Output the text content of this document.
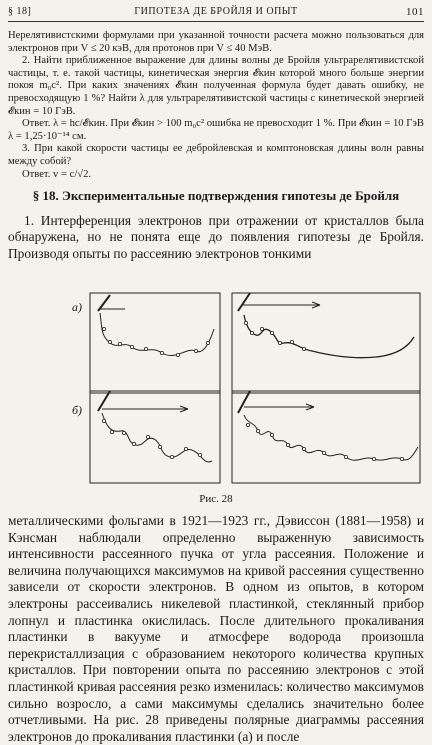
§ 18]	ГИПОТЕЗА ДЕ БРОЙЛЯ И ОПЫТ	101

Нерелятивистскими формулами при указанной точности расчета можно пользоваться для электронов при V ≤ 20 кэВ, для протонов при V ≤ 40 МэВ.

2. Найти приближенное выражение для длины волны де Бройля ультрарелятивистской частицы, т. е. такой частицы, кинетическая энергия 𝓔кин которой много больше энергии покоя m₀c². При каких значениях 𝓔кин полученная формула будет давать ошибку, не превосходящую 1 %? Найти λ для ультрарелятивистской частицы с кинетической энергией 𝓔кин = 10 ГэВ.

Ответ. λ = hc/𝓔кин. При 𝓔кин > 100 m₀c² ошибка не превосходит 1 %. При 𝓔кин = 10 ГэВ λ = 1,25·10⁻¹⁴ см.

3. При какой скорости частицы ее дебройлевская и комптоновская длины волн равны между собой?

Ответ. v = c/√2.

§ 18. Экспериментальные подтверждения гипотезы де Бройля

1. Интерференция электронов при отражении от кристаллов была обнаружена, но не понята еще до появления гипотезы де Бройля. Производя опыты по рассеянию электронов тонкими

а)
б)
Рис. 28

металлическими фольгами в 1921—1923 гг., Дэвиссон (1881—1958) и Кэнсман наблюдали определенно выраженную зависимость интенсивности рассеянного пучка от угла рассеяния. Положение и величина получающихся максимумов на кривой рассеяния существенно зависели от скорости электронов. В одном из опытов, в котором электроны рассеивались никелевой пластинкой, стеклянный прибор лопнул и пластинка окислилась. После длительного прокаливания пластинки в вакууме и атмосфере водорода произошла перекристаллизация с образованием некоторого количества крупных кристаллов. При повторении опыта по рассеянию электронов с этой пластинкой кривая рассеяния резко изменилась: количество максимумов сильно возросло, а сами максимумы сделались значительно более отчетливыми. На рис. 28 приведены полярные диаграммы рассеяния электронов до прокаливания пластинки (а) и после
